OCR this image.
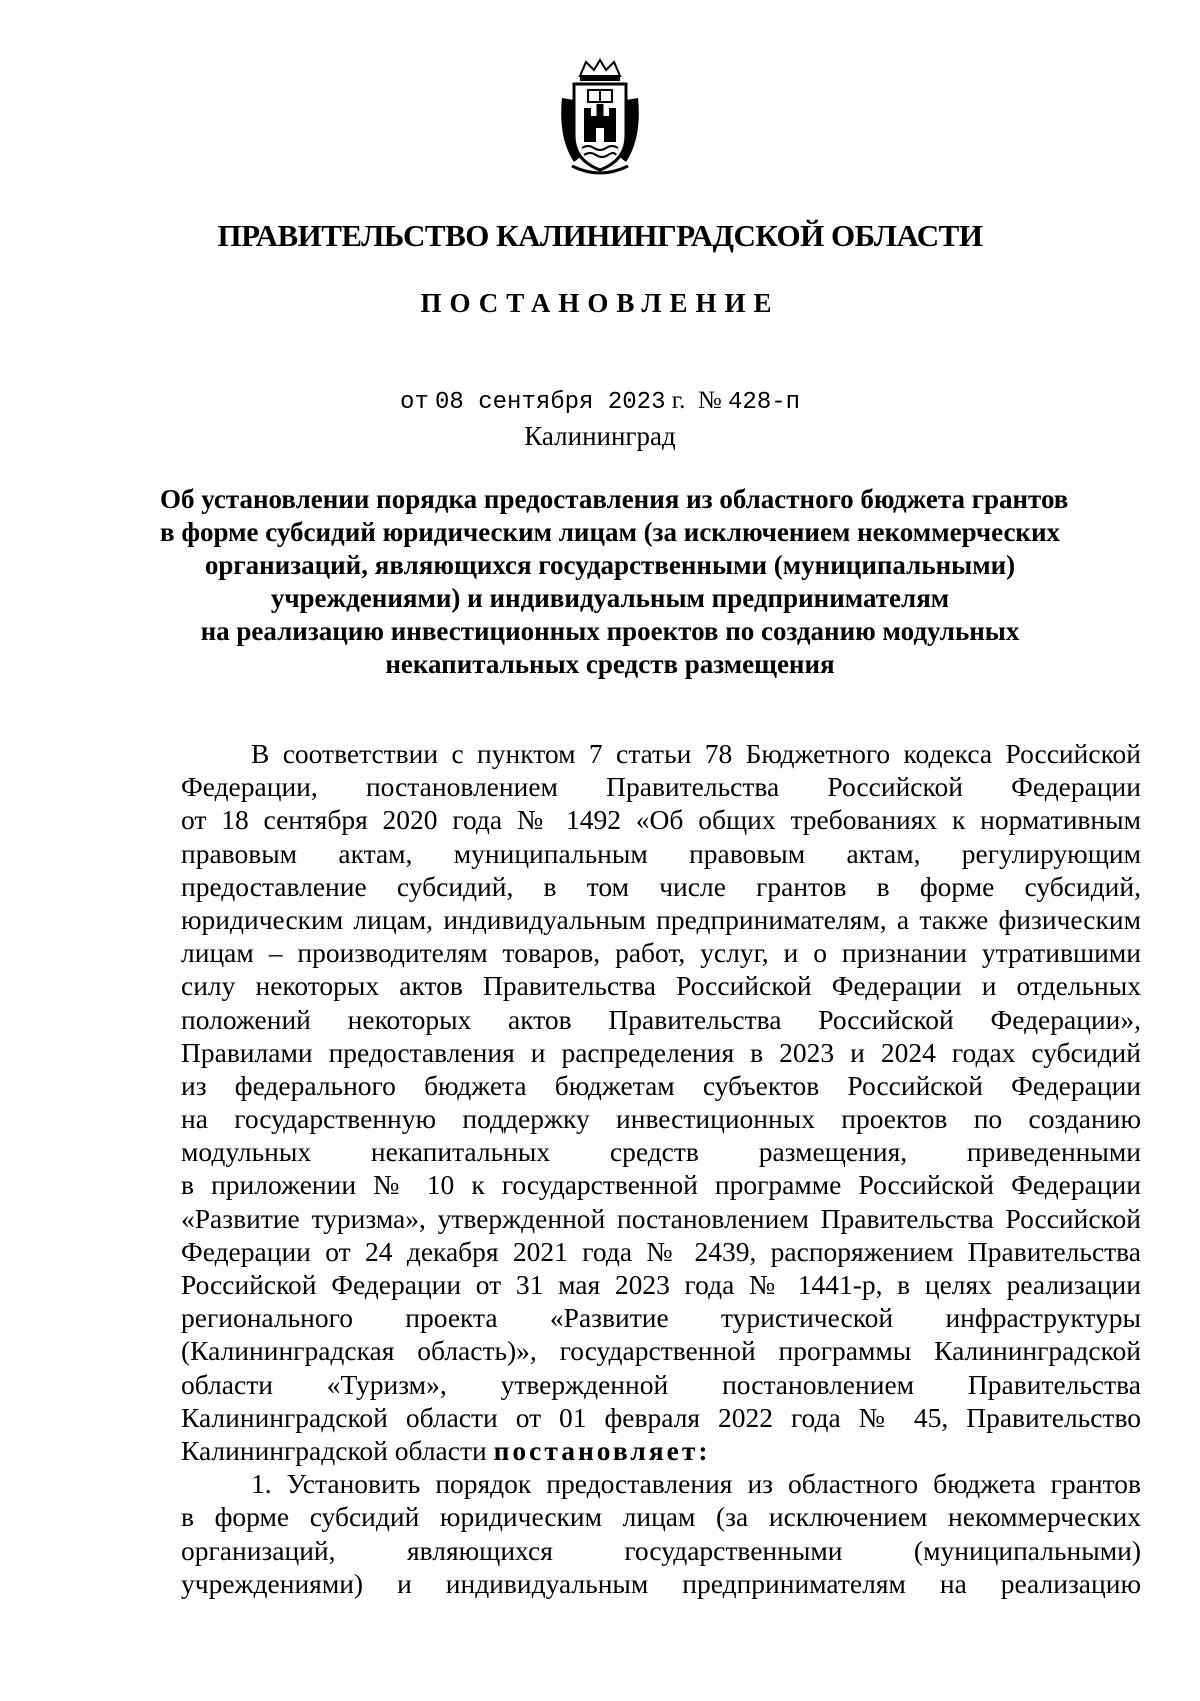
ПРАВИТЕЛЬСТВО КАЛИНИНГРАДСКОЙ ОБЛАСТИ
ПОСТАНОВЛЕНИЕ
от 08 сентября 2023 г. № 428-п
Калининград
Об установлении порядка предоставления из областного бюджета грантов
в форме субсидий юридическим лицам (за исключением некоммерческих
организаций, являющихся государственными (муниципальными)
учреждениями) и индивидуальным предпринимателям
на реализацию инвестиционных проектов по созданию модульных
некапитальных средств размещения
В соответствии с пунктом 7 статьи 78 Бюджетного кодекса Российской
Федерации, постановлением Правительства Российской Федерации
от 18 сентября 2020 года № 1492 «Об общих требованиях к нормативным
правовым актам, муниципальным правовым актам, регулирующим
предоставление субсидий, в том числе грантов в форме субсидий,
юридическим лицам, индивидуальным предпринимателям, а также физическим
лицам – производителям товаров, работ, услуг, и о признании утратившими
силу некоторых актов Правительства Российской Федерации и отдельных
положений некоторых актов Правительства Российской Федерации»,
Правилами предоставления и распределения в 2023 и 2024 годах субсидий
из федерального бюджета бюджетам субъектов Российской Федерации
на государственную поддержку инвестиционных проектов по созданию
модульных некапитальных средств размещения, приведенными
в приложении № 10 к государственной программе Российской Федерации
«Развитие туризма», утвержденной постановлением Правительства Российской
Федерации от 24 декабря 2021 года № 2439, распоряжением Правительства
Российской Федерации от 31 мая 2023 года № 1441-р, в целях реализации
регионального проекта «Развитие туристической инфраструктуры
(Калининградская область)», государственной программы Калининградской
области «Туризм», утвержденной постановлением Правительства
Калининградской области от 01 февраля 2022 года № 45, Правительство
Калининградской области постановляет:
1. Установить порядок предоставления из областного бюджета грантов
в форме субсидий юридическим лицам (за исключением некоммерческих
организаций, являющихся государственными (муниципальными)
учреждениями) и индивидуальным предпринимателям на реализацию
